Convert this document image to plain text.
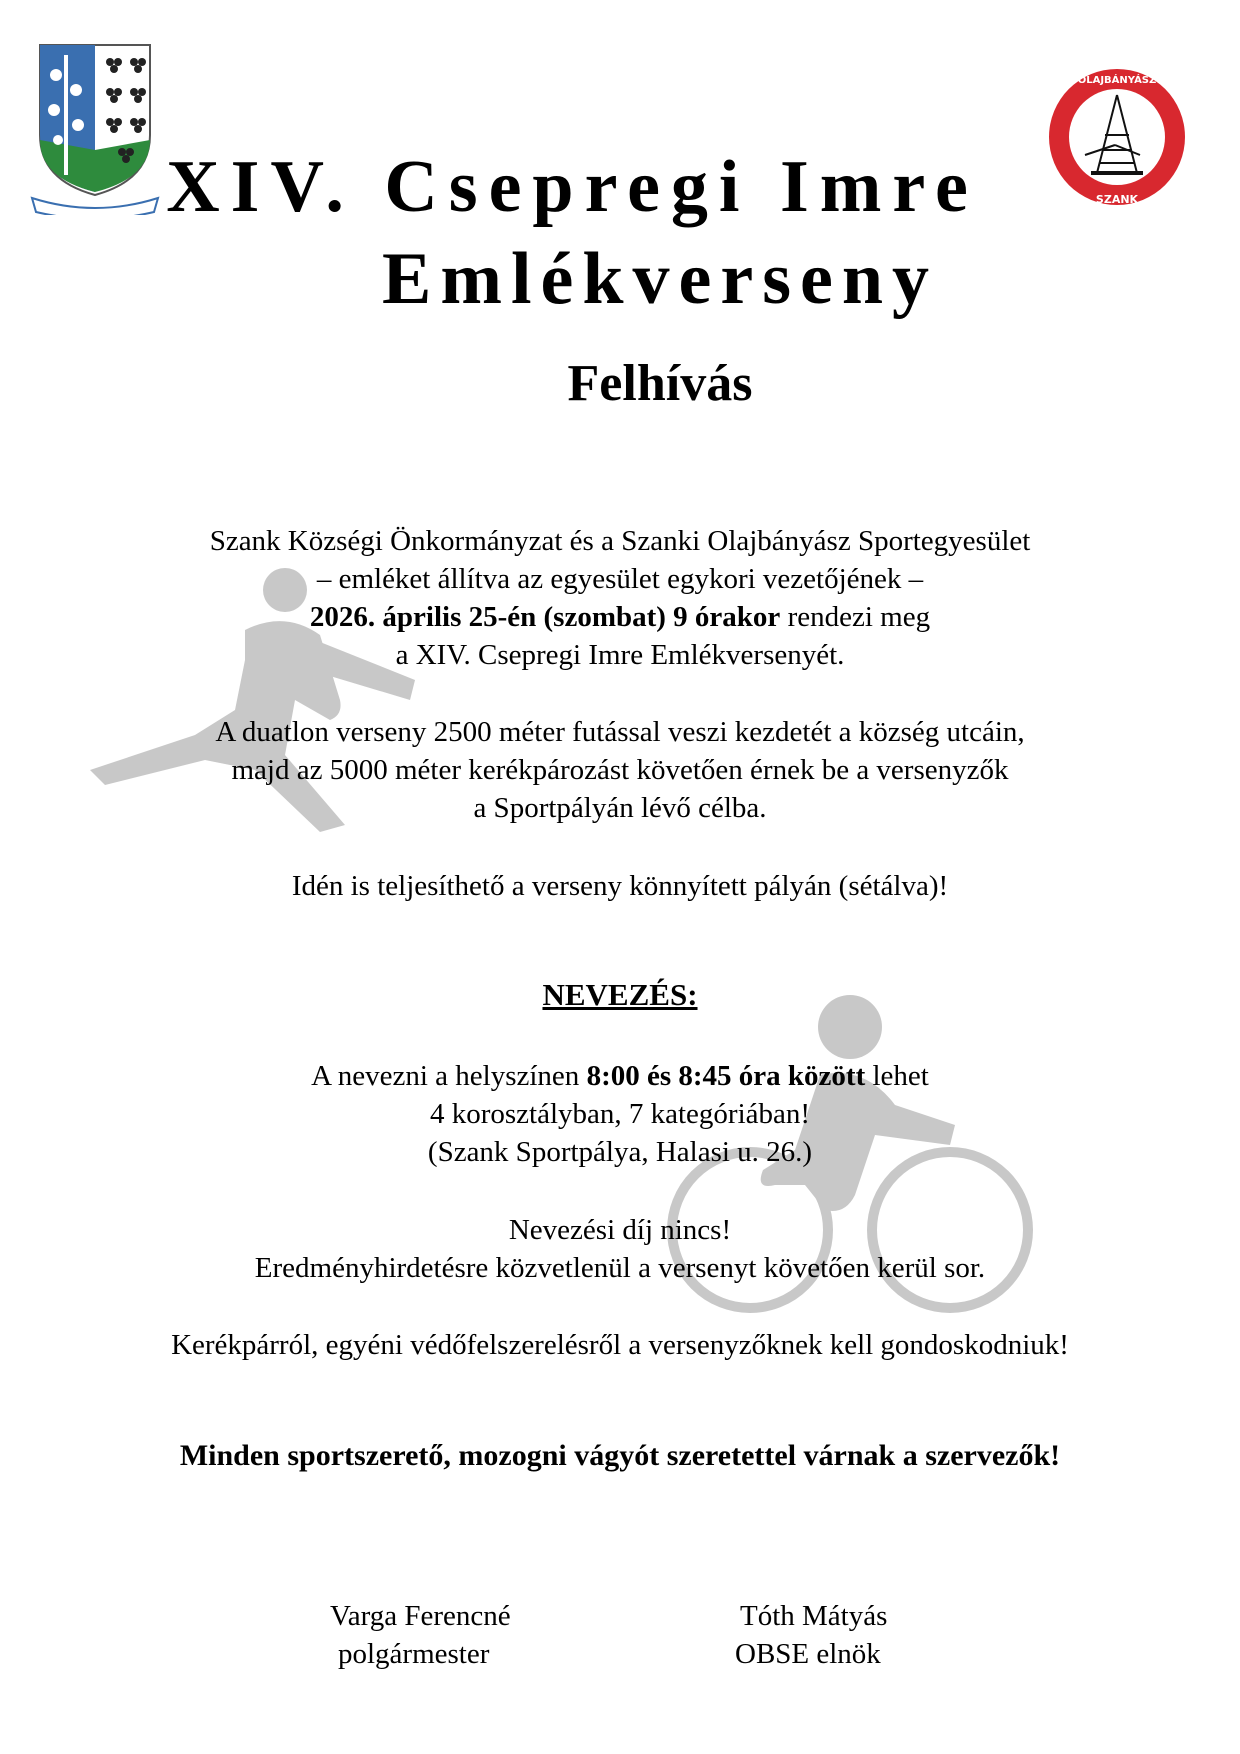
OLAJBÁNYÁSZ
SZANK
XIV. Csepregi Imre
Emlékverseny
Felhívás

Szank Községi Önkormányzat és a Szanki Olajbányász Sportegyesület

– emléket állítva az egyesület egykori vezetőjének –

2026. április 25-én (szombat) 9 órakor rendezi meg

a XIV. Csepregi Imre Emlékversenyét.

A duatlon verseny 2500 méter futással veszi kezdetét a község utcáin,

majd az 5000 méter kerékpározást követően érnek be a versenyzők

a Sportpályán lévő célba.

Idén is teljesíthető a verseny könnyített pályán (sétálva)!
NEVEZÉS:

A nevezni a helyszínen 8:00 és 8:45 óra között lehet

4 korosztályban, 7 kategóriában!

(Szank Sportpálya, Halasi u. 26.)

Nevezési díj nincs!

Eredményhirdetésre közvetlenül a versenyt követően kerül sor.

Kerékpárról, egyéni védőfelszerelésről a versenyzőknek kell gondoskodniuk!
Minden sportszerető, mozogni vágyót szeretettel várnak a szervezők!
Varga Ferencné
polgármester
Tóth Mátyás
OBSE elnök
